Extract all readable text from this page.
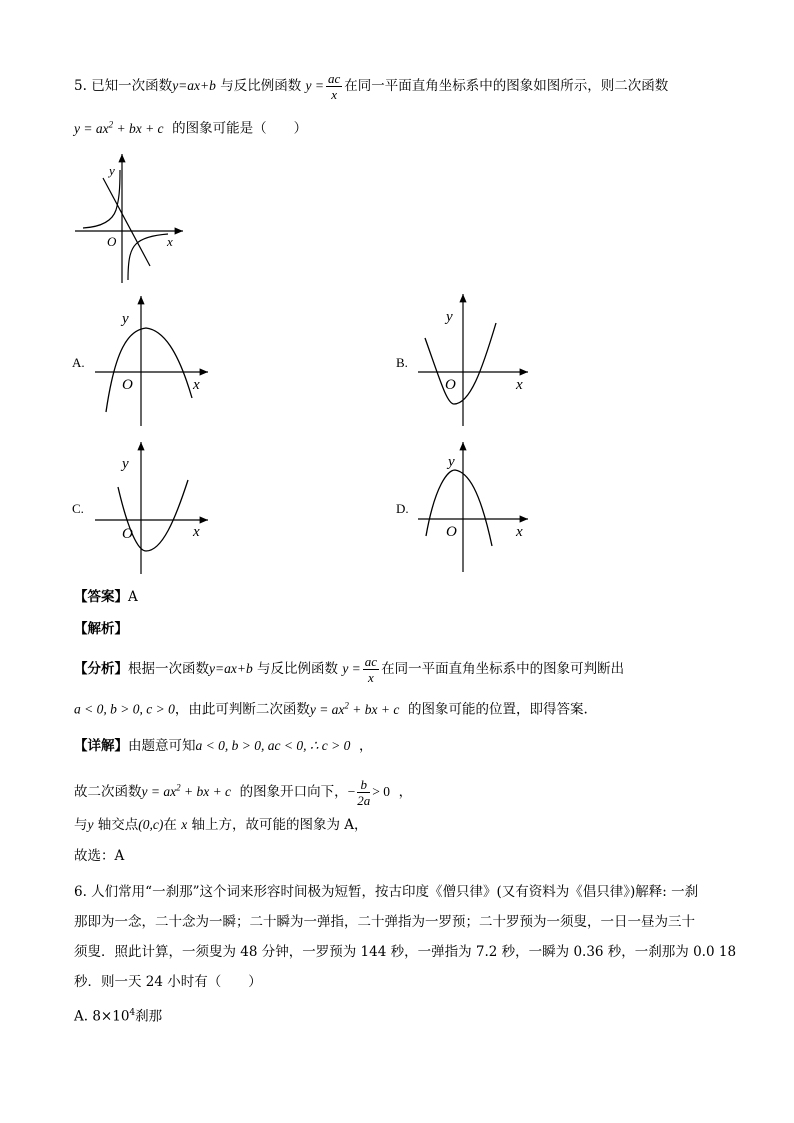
5. 已知一次函数y=ax+b 与反比例函数 $y = \frac{ac}{x}$ 在同一平面直角坐标系中的图象如图所示，则二次函数
$y = ax^2$ + bx + c 的图象可能是（　　）
O	x
y
O	x
y
O	x
y
O	x
y
O	x
y
A.	B.
C.	D.
【答案】A
【解析】
【分析】根据一次函数y=ax+b 与反比例函数 $y = \frac{ac}{x}$ 在同一平面直角坐标系中的图象可判断出
a < 0, b > 0, c > 0，由此可判断二次函数$y = ax^2$ + bx + c 的图象可能的位置，即得答案.
【详解】由题意可知a < 0, b > 0, ac < 0, ∴ c > 0 ，
故二次函数$y = ax^2$ + bx + c 的图象开口向下，− $\frac{b}{2a} > 0$ ，
与y 轴交点(0,c)在 x 轴上方，故可能的图象为 A，
故选：A
6. 人们常用“一刹那”这个词来形容时间极为短暂，按古印度《僧只律》(又有资料为《倡只律》)解释: 一刹
那即为一念，二十念为一瞬；二十瞬为一弹指，二十弹指为一罗预；二十罗预为一须叟，一日一昼为三十
须叟．照此计算，一须叟为 48 分钟，一罗预为 144 秒，一弹指为 7.2 秒，一瞬为 0.36 秒，一刹那为 0.0 18
秒．则一天 24 小时有（　　）
A. $8\times 10^4$刹那
